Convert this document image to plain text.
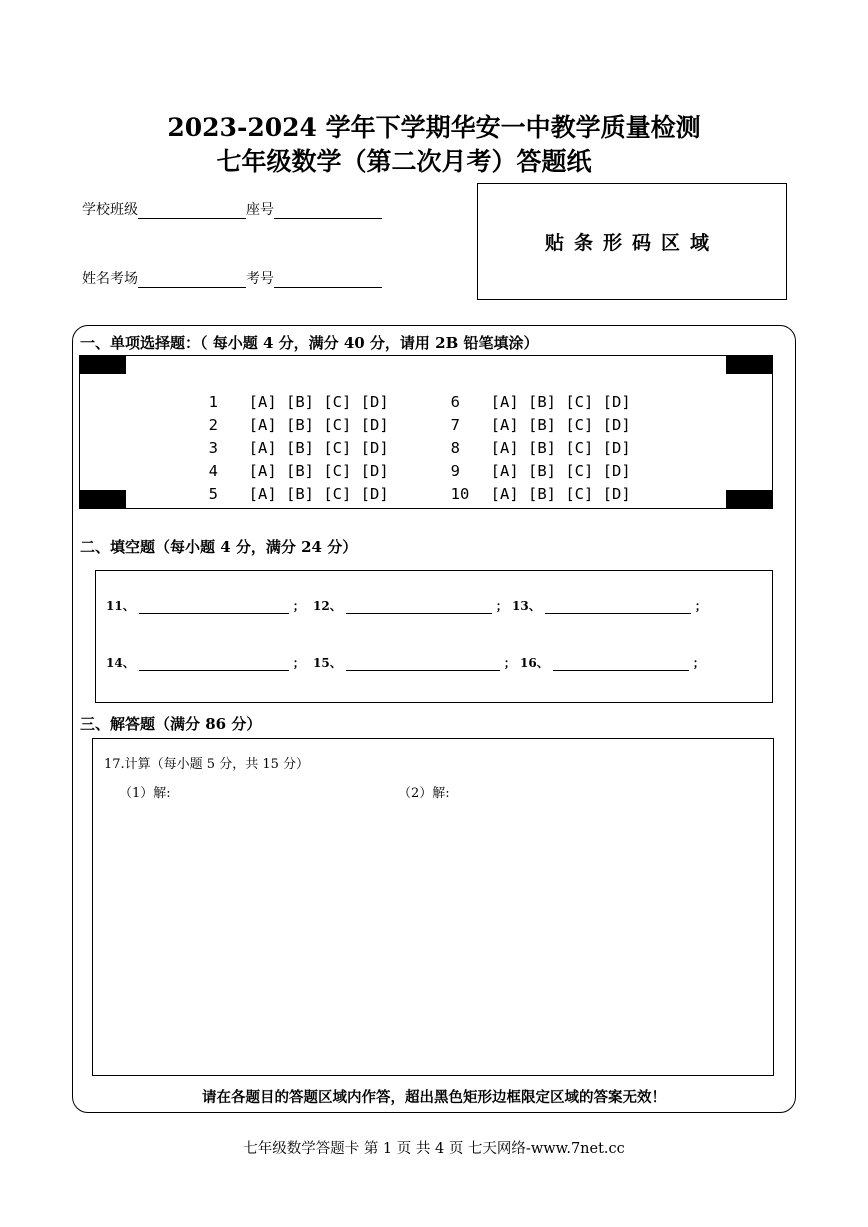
2023-2024 学年下学期华安一中教学质量检测
七年级数学（第二次月考）答题纸
学校班级	座号
姓名考场	考号
贴条形码区域
一、单项选择题：（ 每小题 4 分，满分 40 分，请用 2B 铅笔填涂）

1 [A] [B] [C] [D]	6 [A] [B] [C] [D]

2 [A] [B] [C] [D]	7 [A] [B] [C] [D]

3 [A] [B] [C] [D]	8 [A] [B] [C] [D]

4 [A] [B] [C] [D]	9 [A] [B] [C] [D]

5 [A] [B] [C] [D]	10 [A] [B] [C] [D]

二、填空题（每小题 4 分，满分 24 分）
11、	； 12、	； 13、	；
14、	； 15、	； 16、	；
三、解答题（满分 86 分）
17.计算（每小题 5 分，共 15 分）
（1）解:	（2）解:
请在各题目的答题区域内作答，超出黑色矩形边框限定区域的答案无效！
七年级数学答题卡 第 1 页 共 4 页 七天网络-www.7net.cc
